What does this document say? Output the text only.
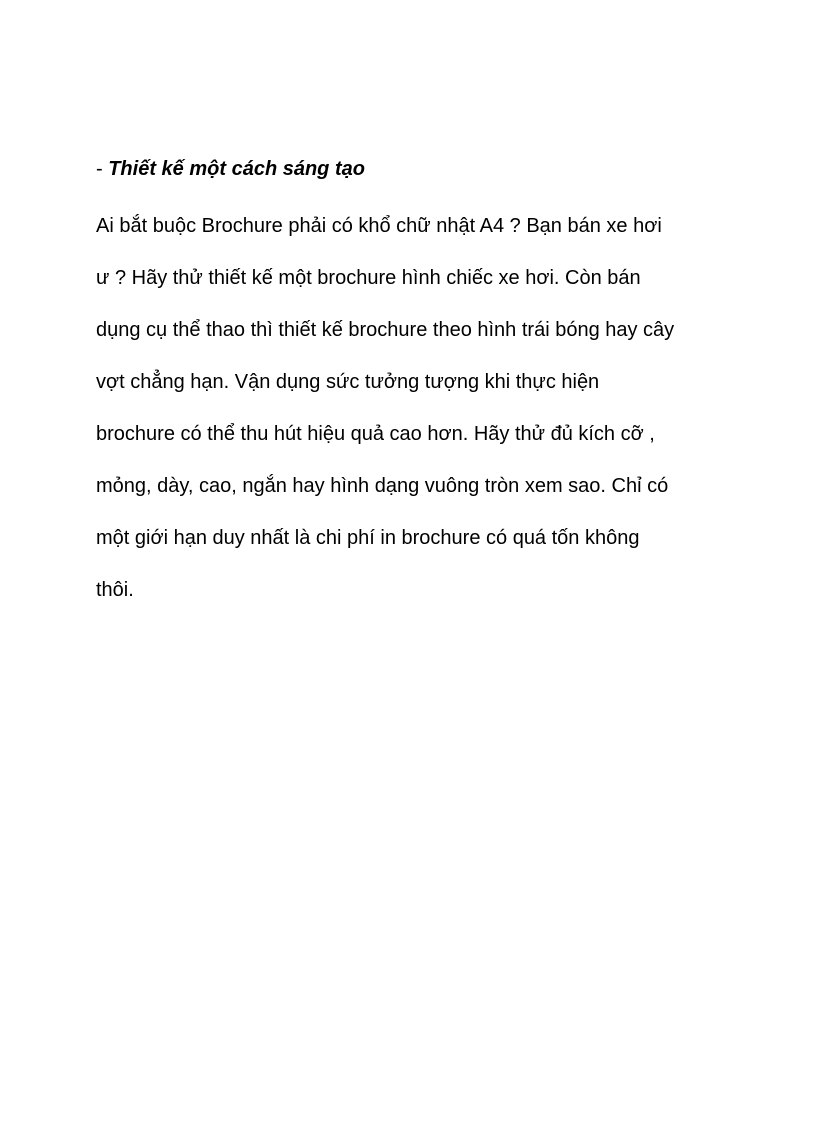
- Thiết kế một cách sáng tạo

Ai bắt buộc Brochure phải có khổ chữ nhật A4 ? Bạn bán xe hơi

ư ? Hãy thử thiết kế một brochure hình chiếc xe hơi. Còn bán

dụng cụ thể thao thì thiết kế brochure theo hình trái bóng hay cây

vợt chẳng hạn. Vận dụng sức tưởng tượng khi thực hiện

brochure có thể thu hút hiệu quả cao hơn. Hãy thử đủ kích cỡ ,

mỏng, dày, cao, ngắn hay hình dạng vuông tròn xem sao. Chỉ có

một giới hạn duy nhất là chi phí in brochure có quá tốn không

thôi.
